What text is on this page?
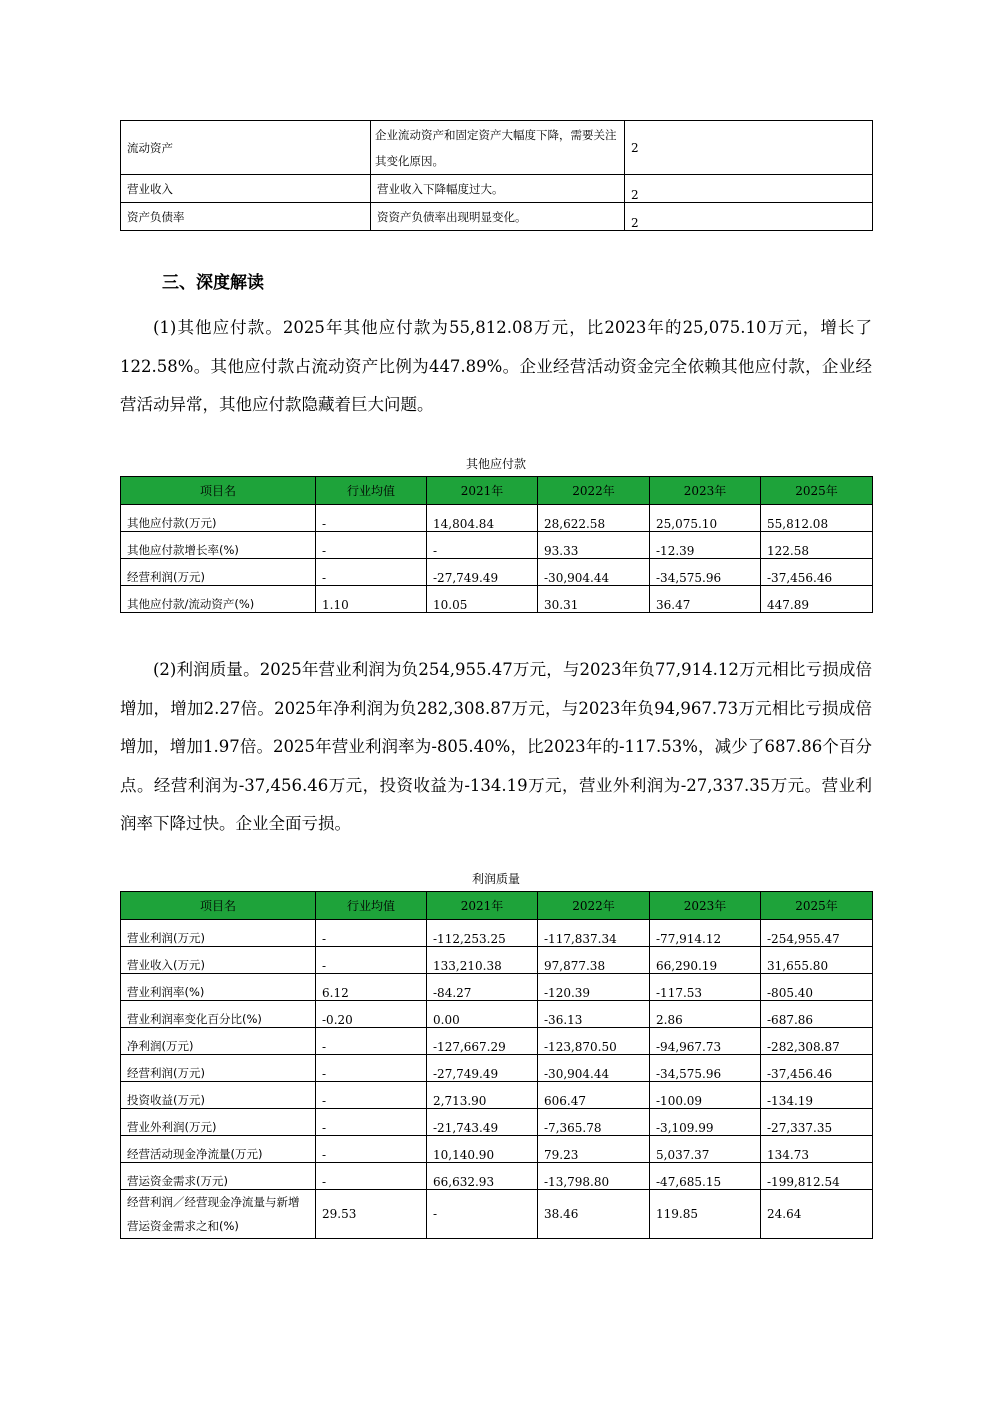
流动资产	企业流动资产和固定资产大幅度下降，需要关注其变化原因。	2
营业收入	营业收入下降幅度过大。	2
资产负债率	资资产负债率出现明显变化。	2
三、深度解读
(1)其他应付款。2025年其他应付款为55,812.08万元，比2023年的25,075.10万元，增长了122.58%。其他应付款占流动资产比例为447.89%。企业经营活动资金完全依赖其他应付款，企业经营活动异常，其他应付款隐藏着巨大问题。
其他应付款
项目名	行业均值	2021年	2022年	2023年	2025年
其他应付款(万元)	-	14,804.84	28,622.58	25,075.10	55,812.08
其他应付款增长率(%)	-	-	93.33	-12.39	122.58
经营利润(万元)	-	-27,749.49	-30,904.44	-34,575.96	-37,456.46
其他应付款/流动资产(%)	1.10	10.05	30.31	36.47	447.89
(2)利润质量。2025年营业利润为负254,955.47万元，与2023年负77,914.12万元相比亏损成倍增加，增加2.27倍。2025年净利润为负282,308.87万元，与2023年负94,967.73万元相比亏损成倍增加，增加1.97倍。2025年营业利润率为-805.40%，比2023年的-117.53%，减少了687.86个百分点。经营利润为-37,456.46万元，投资收益为-134.19万元，营业外利润为-27,337.35万元。营业利润率下降过快。企业全面亏损。
利润质量
项目名	行业均值	2021年	2022年	2023年	2025年
营业利润(万元)	-	-112,253.25	-117,837.34	-77,914.12	-254,955.47
营业收入(万元)	-	133,210.38	97,877.38	66,290.19	31,655.80
营业利润率(%)	6.12	-84.27	-120.39	-117.53	-805.40
营业利润率变化百分比(%)	-0.20	0.00	-36.13	2.86	-687.86
净利润(万元)	-	-127,667.29	-123,870.50	-94,967.73	-282,308.87
经营利润(万元)	-	-27,749.49	-30,904.44	-34,575.96	-37,456.46
投资收益(万元)	-	2,713.90	606.47	-100.09	-134.19
营业外利润(万元)	-	-21,743.49	-7,365.78	-3,109.99	-27,337.35
经营活动现金净流量(万元)	-	10,140.90	79.23	5,037.37	134.73
营运资金需求(万元)	-	66,632.93	-13,798.80	-47,685.15	-199,812.54
经营利润／经营现金净流量与新增营运资金需求之和(%)	29.53	-	38.46	119.85	24.64
